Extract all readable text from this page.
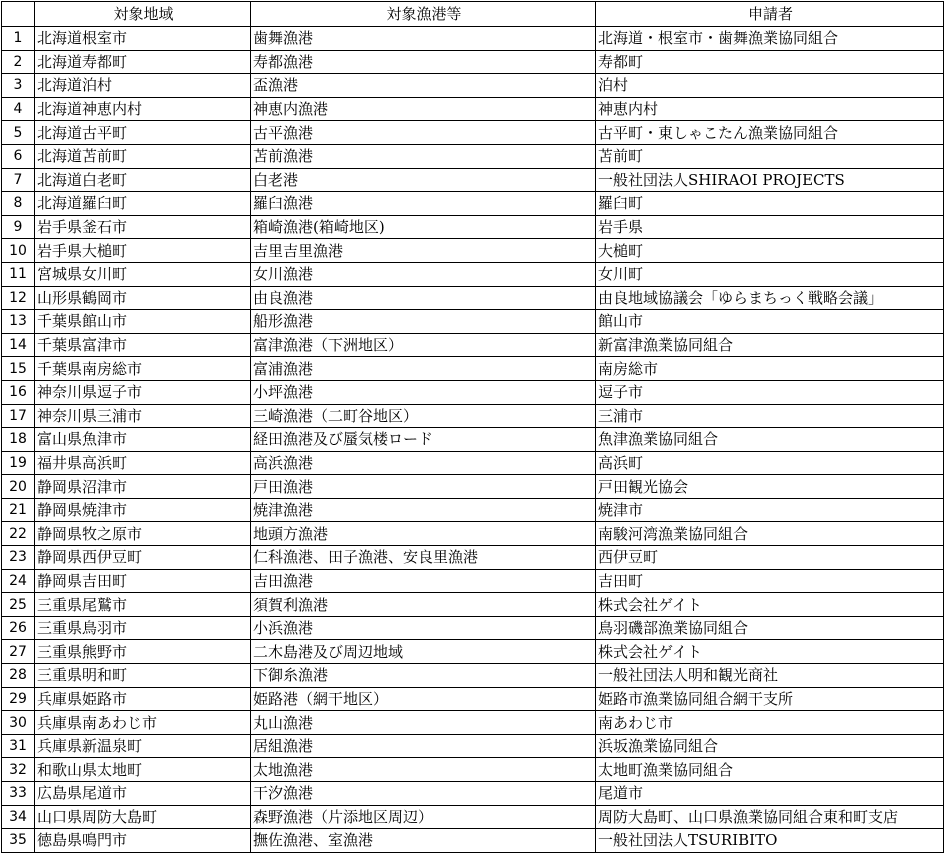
	対象地域	対象漁港等	申請者
1	北海道根室市	歯舞漁港	北海道・根室市・歯舞漁業協同組合
2	北海道寿都町	寿都漁港	寿都町
3	北海道泊村	盃漁港	泊村
4	北海道神恵内村	神恵内漁港	神恵内村
5	北海道古平町	古平漁港	古平町・東しゃこたん漁業協同組合
6	北海道苫前町	苫前漁港	苫前町
7	北海道白老町	白老港	一般社団法人SHIRAOI PROJECTS
8	北海道羅臼町	羅臼漁港	羅臼町
9	岩手県釜石市	箱崎漁港(箱崎地区)	岩手県
10	岩手県大槌町	吉里吉里漁港	大槌町
11	宮城県女川町	女川漁港	女川町
12	山形県鶴岡市	由良漁港	由良地域協議会「ゆらまちっく戦略会議」
13	千葉県館山市	船形漁港	館山市
14	千葉県富津市	富津漁港（下洲地区）	新富津漁業協同組合
15	千葉県南房総市	富浦漁港	南房総市
16	神奈川県逗子市	小坪漁港	逗子市
17	神奈川県三浦市	三崎漁港（二町谷地区）	三浦市
18	富山県魚津市	経田漁港及び蜃気楼ロード	魚津漁業協同組合
19	福井県高浜町	高浜漁港	高浜町
20	静岡県沼津市	戸田漁港	戸田観光協会
21	静岡県焼津市	焼津漁港	焼津市
22	静岡県牧之原市	地頭方漁港	南駿河湾漁業協同組合
23	静岡県西伊豆町	仁科漁港、田子漁港、安良里漁港	西伊豆町
24	静岡県吉田町	吉田漁港	吉田町
25	三重県尾鷲市	須賀利漁港	株式会社ゲイト
26	三重県鳥羽市	小浜漁港	鳥羽磯部漁業協同組合
27	三重県熊野市	二木島港及び周辺地域	株式会社ゲイト
28	三重県明和町	下御糸漁港	一般社団法人明和観光商社
29	兵庫県姫路市	姫路港（網干地区）	姫路市漁業協同組合網干支所
30	兵庫県南あわじ市	丸山漁港	南あわじ市
31	兵庫県新温泉町	居組漁港	浜坂漁業協同組合
32	和歌山県太地町	太地漁港	太地町漁業協同組合
33	広島県尾道市	干汐漁港	尾道市
34	山口県周防大島町	森野漁港（片添地区周辺）	周防大島町、山口県漁業協同組合東和町支店
35	徳島県鳴門市	撫佐漁港、室漁港	一般社団法人TSURIBITO
